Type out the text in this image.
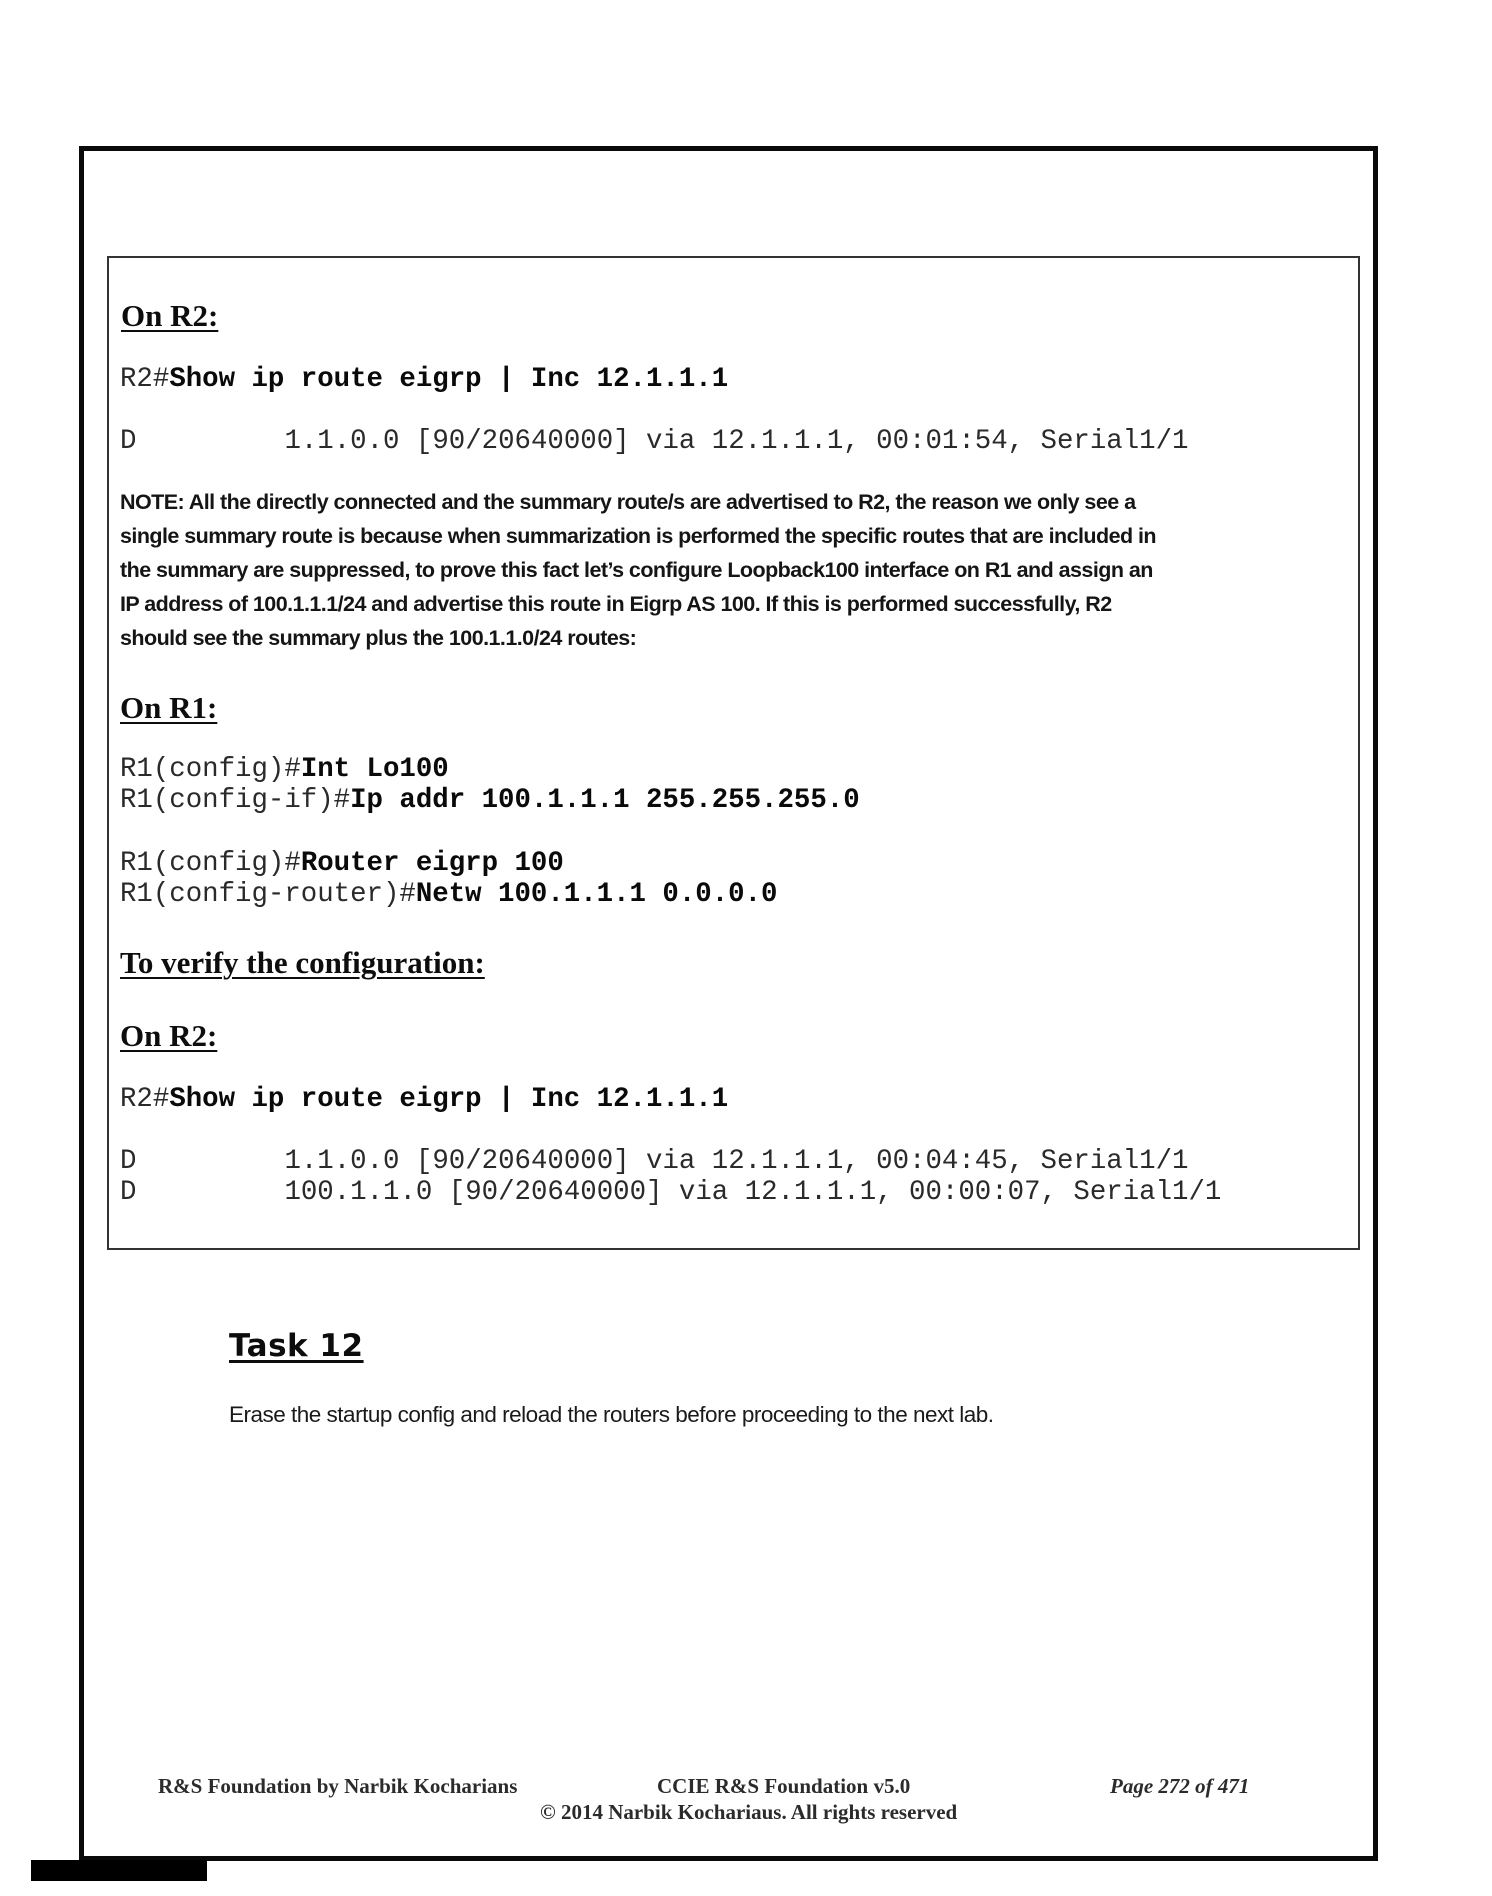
On R2:
R2#Show ip route eigrp | Inc 12.1.1.1
D	1.1.0.0 [90/20640000] via 12.1.1.1, 00:01:54, Serial1/1
NOTE: All the directly connected and the summary route/s are advertised to R2, the reason we only see a
single summary route is because when summarization is performed the specific routes that are included in
the summary are suppressed, to prove this fact let’s configure Loopback100 interface on R1 and assign an
IP address of 100.1.1.1/24 and advertise this route in Eigrp AS 100. If this is performed successfully, R2
should see the summary plus the 100.1.1.0/24 routes:
On R1:
R1(config)#Int Lo100
R1(config-if)#Ip addr 100.1.1.1 255.255.255.0
R1(config)#Router eigrp 100
R1(config-router)#Netw 100.1.1.1 0.0.0.0
To verify the configuration:
On R2:
R2#Show ip route eigrp | Inc 12.1.1.1
D	1.1.0.0 [90/20640000] via 12.1.1.1, 00:04:45, Serial1/1
D	100.1.1.0 [90/20640000] via 12.1.1.1, 00:00:07, Serial1/1
Task 12
Erase the startup config and reload the routers before proceeding to the next lab.
R&S Foundation by Narbik Kocharians	CCIE R&S Foundation v5.0	Page 272 of 471
© 2014 Narbik Kochariaus. All rights reserved
